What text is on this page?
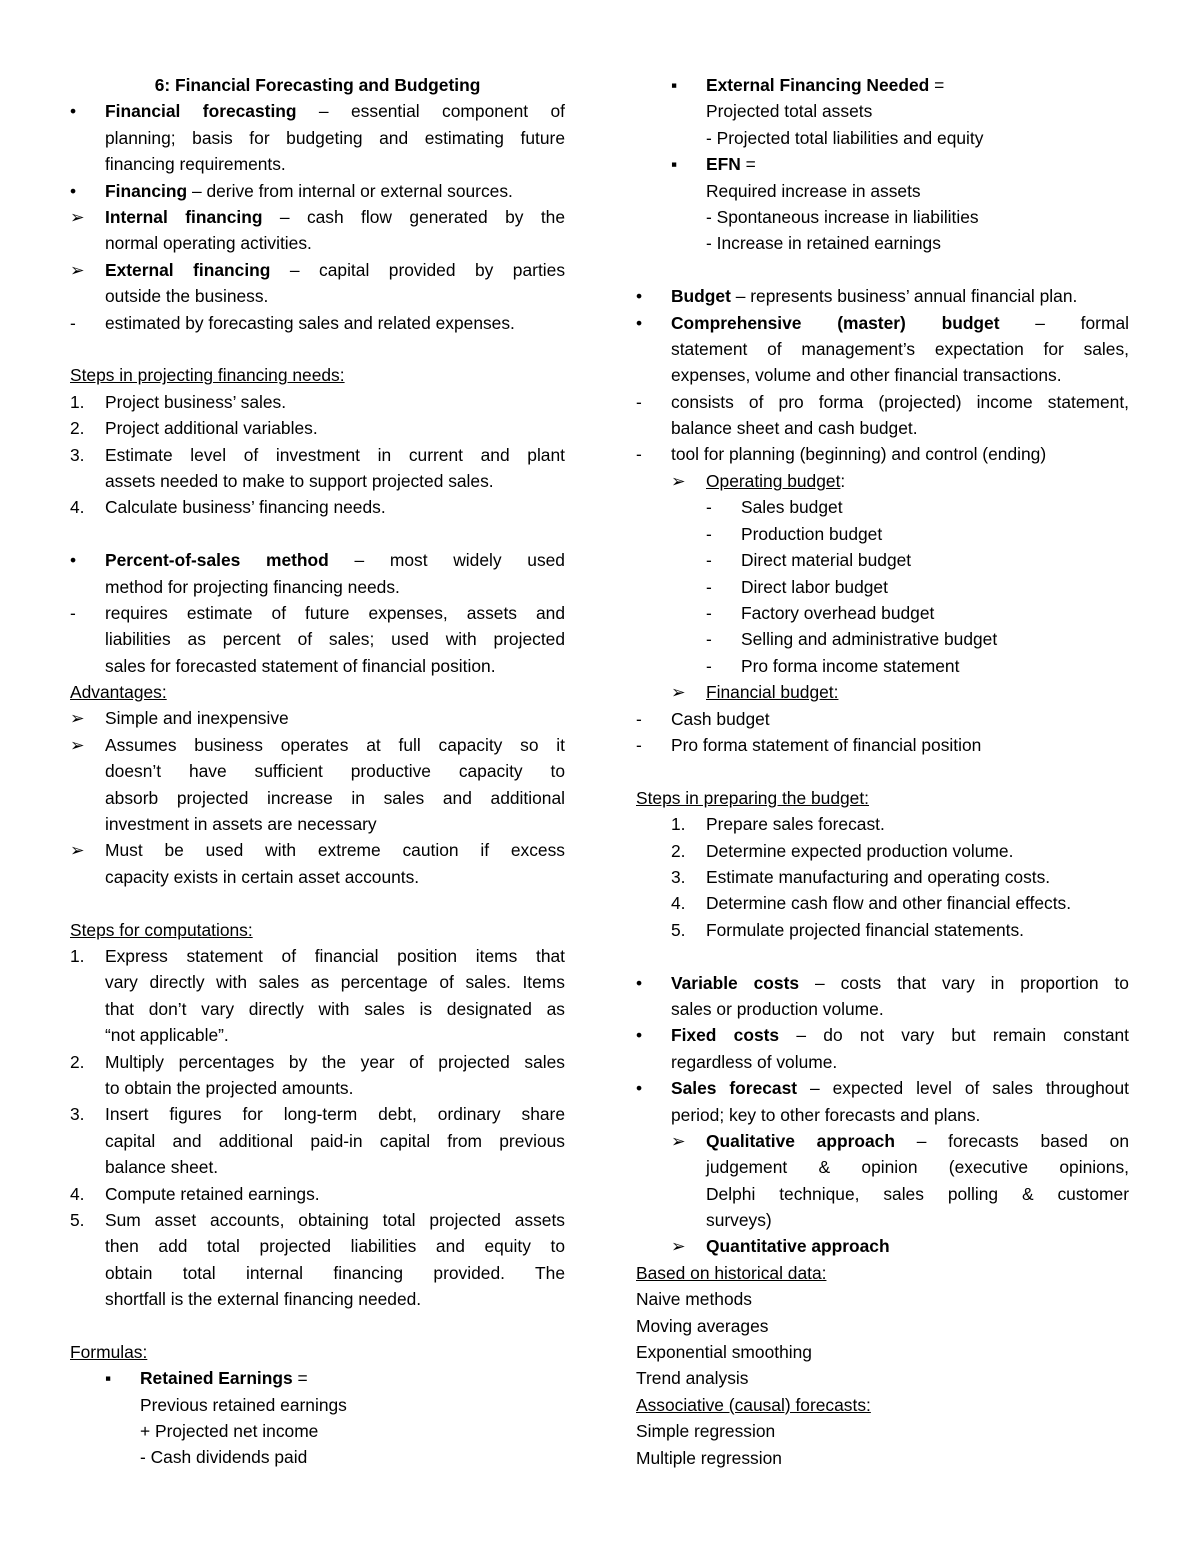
6: Financial Forecasting and Budgeting
•	Financial forecasting – essential component of
planning; basis for budgeting and estimating future
financing requirements.
•	Financing – derive from internal or external sources.
➢	Internal financing – cash flow generated by the
normal operating activities.
➢	External financing – capital provided by parties
outside the business.
-	estimated by forecasting sales and related expenses.
Steps in projecting financing needs:
1.	Project business’ sales.
2.	Project additional variables.
3.	Estimate level of investment in current and plant
assets needed to make to support projected sales.
4.	Calculate business’ financing needs.
•	Percent-of-sales method – most widely used
method for projecting financing needs.
-	requires estimate of future expenses, assets and
liabilities as percent of sales; used with projected
sales for forecasted statement of financial position.
Advantages:
➢	Simple and inexpensive
➢	Assumes business operates at full capacity so it
doesn’t have sufficient productive capacity to
absorb projected increase in sales and additional
investment in assets are necessary
➢	Must be used with extreme caution if excess
capacity exists in certain asset accounts.
Steps for computations:
1.	Express statement of financial position items that
vary directly with sales as percentage of sales. Items
that don’t vary directly with sales is designated as
“not applicable”.
2.	Multiply percentages by the year of projected sales
to obtain the projected amounts.
3.	Insert figures for long-term debt, ordinary share
capital and additional paid-in capital from previous
balance sheet.
4.	Compute retained earnings.
5.	Sum asset accounts, obtaining total projected assets
then add total projected liabilities and equity to
obtain total internal financing provided. The
shortfall is the external financing needed.
Formulas:
▪	Retained Earnings =
Previous retained earnings
+ Projected net income
- Cash dividends paid
▪	External Financing Needed =
Projected total assets
- Projected total liabilities and equity
▪	EFN =
Required increase in assets
- Spontaneous increase in liabilities
- Increase in retained earnings
•	Budget – represents business’ annual financial plan.
•	Comprehensive (master) budget – formal
statement of management’s expectation for sales,
expenses, volume and other financial transactions.
-	consists of pro forma (projected) income statement,
balance sheet and cash budget.
-	tool for planning (beginning) and control (ending)
➢	Operating budget:
-	Sales budget
-	Production budget
-	Direct material budget
-	Direct labor budget
-	Factory overhead budget
-	Selling and administrative budget
-	Pro forma income statement
➢	Financial budget:
-	Cash budget
-	Pro forma statement of financial position
Steps in preparing the budget:
1.	Prepare sales forecast.
2.	Determine expected production volume.
3.	Estimate manufacturing and operating costs.
4.	Determine cash flow and other financial effects.
5.	Formulate projected financial statements.
•	Variable costs – costs that vary in proportion to
sales or production volume.
•	Fixed costs – do not vary but remain constant
regardless of volume.
•	Sales forecast – expected level of sales throughout
period; key to other forecasts and plans.
➢	Qualitative approach – forecasts based on
judgement & opinion (executive opinions,
Delphi technique, sales polling & customer
surveys)
➢	Quantitative approach
Based on historical data:
Naive methods
Moving averages
Exponential smoothing
Trend analysis
Associative (causal) forecasts:
Simple regression
Multiple regression
